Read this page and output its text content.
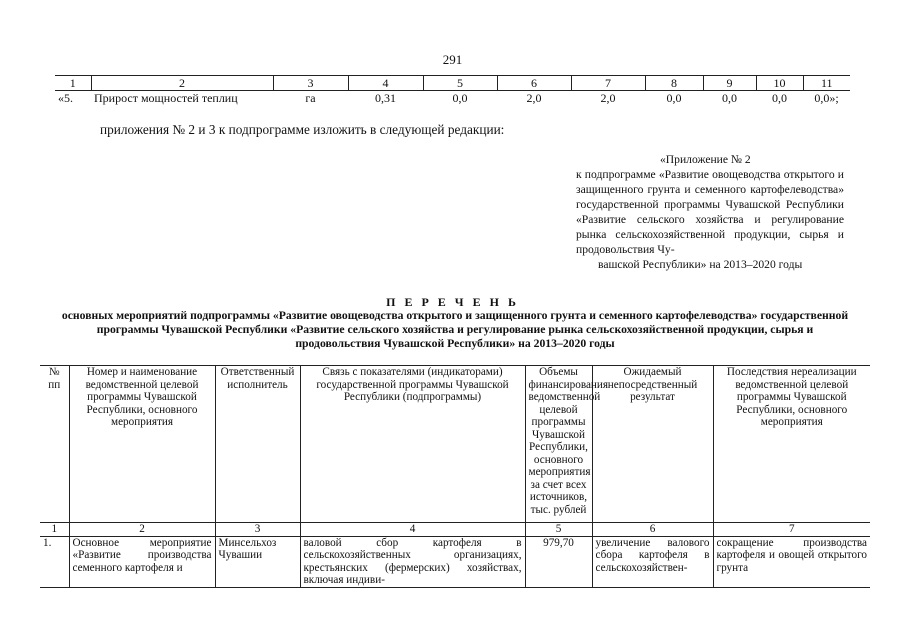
291
1	2	3	4	5	6	7	8	9	10	11
«5.	Прирост мощностей теплиц	га	0,31	0,0	2,0	2,0	0,0	0,0	0,0	0,0»;
приложения № 2 и 3 к подпрограмме изложить в следующей редакции:
«Приложение № 2
к подпрограмме «Развитие овощеводства открытого и защищенного грунта и семенного картофелеводства» государственной программы Чувашской Республики «Развитие сельского хозяйства и регулирование рынка сельскохозяйственной продукции, сырья и продовольствия Чу-
вашской Республики» на 2013–2020 годы
П Е Р Е Ч Е Н Ь
основных мероприятий подпрограммы «Развитие овощеводства открытого и защищенного грунта и семенного картофелеводства» государственной программы Чувашской Республики «Развитие сельского хозяйства и регулирование рынка сельскохозяйственной продукции, сырья и продовольствия Чувашской Республики» на 2013–2020 годы
№ пп	Номер и наименование ведомственной целевой программы Чувашской Республики, основного мероприятия	Ответственный исполнитель	Связь с показателями (индикаторами) государственной программы Чувашской Республики (подпрограммы)	Объемы финансирования ведомственной целевой программы Чувашской Республики, основного мероприятия за счет всех источников, тыс. рублей	Ожидаемый непосредственный результат	Последствия нереализации ведомственной целевой программы Чувашской Республики, основного мероприятия
1	2	3	4	5	6	7
1.	Основное мероприятие «Развитие производства семенного картофеля и	Минсельхоз Чувашии	валовой сбор картофеля в сельскохозяйственных организациях, крестьянских (фермерских) хозяйствах, включая индиви-	979,70	увеличение валового сбора картофеля в сельскохозяйствен-	сокращение производства картофеля и овощей открытого грунта
